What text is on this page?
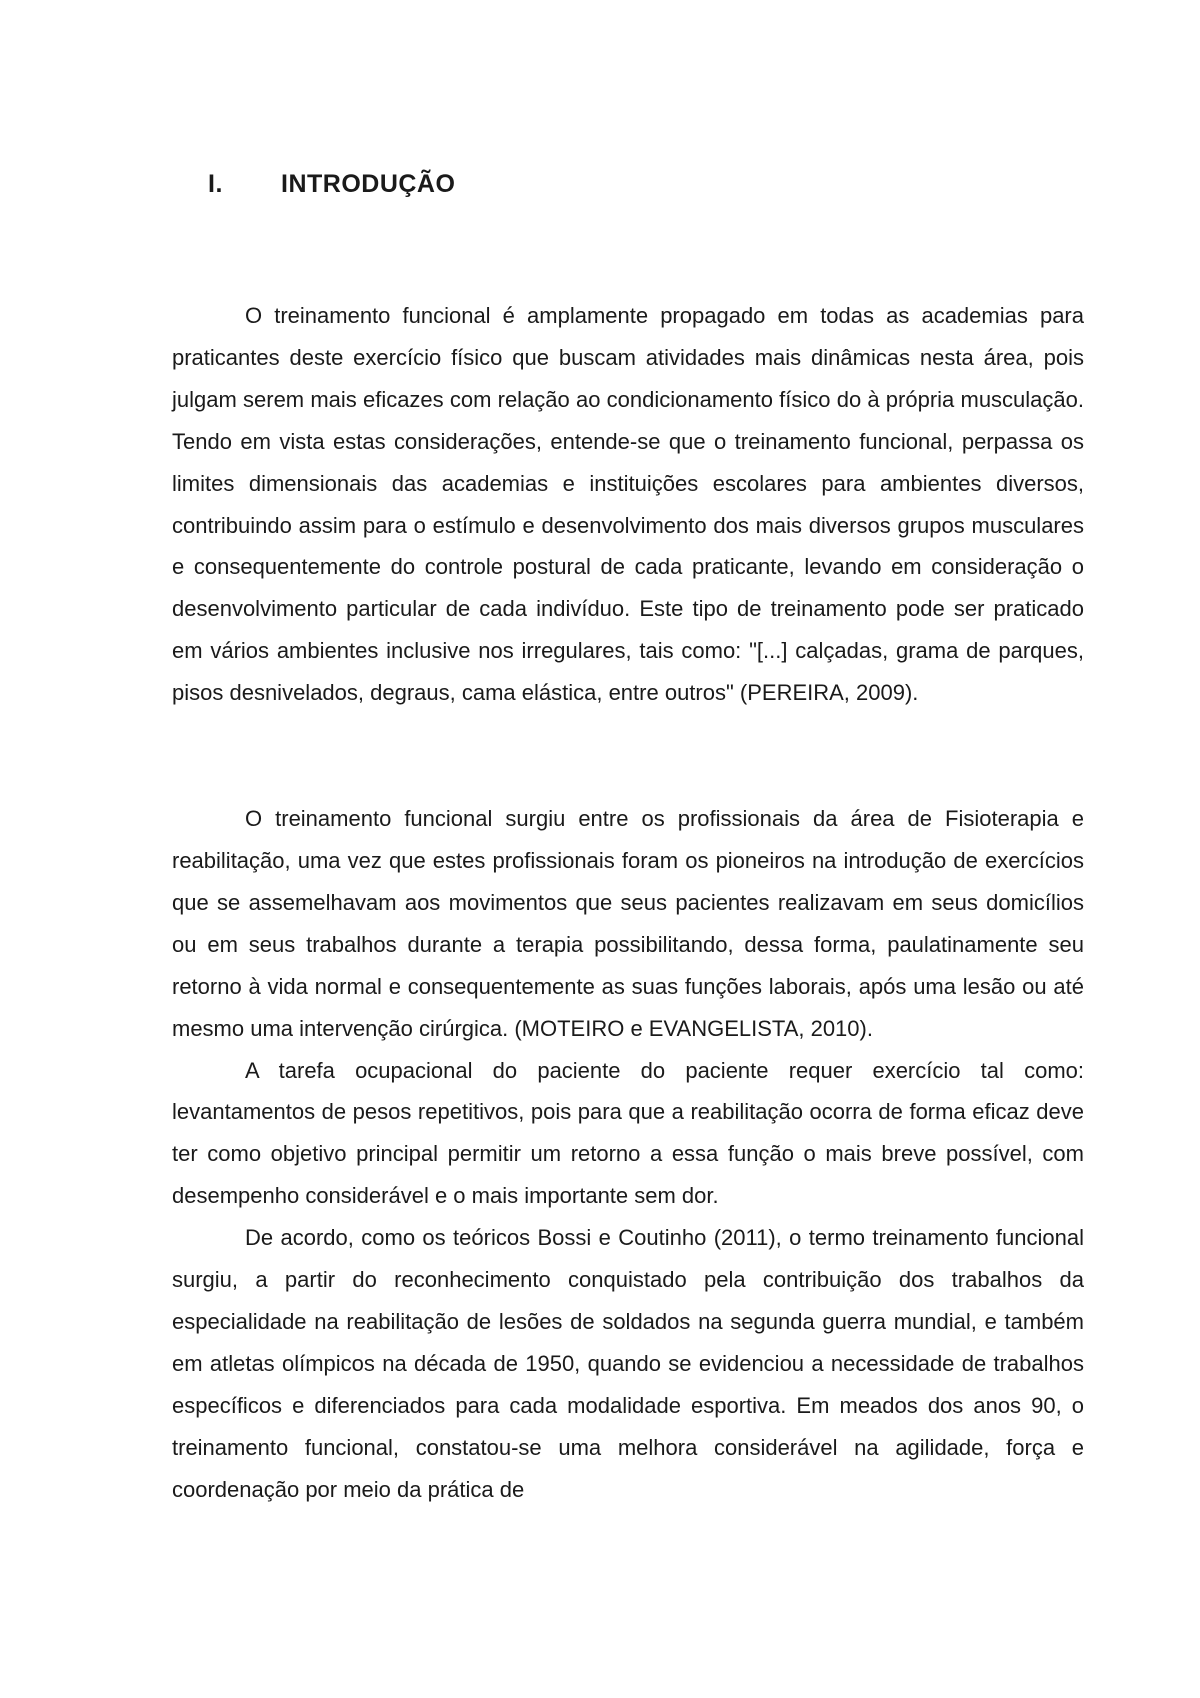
I. INTRODUÇÃO

O treinamento funcional é amplamente propagado em todas as academias para praticantes deste exercício físico que buscam atividades mais dinâmicas nesta área, pois julgam serem mais eficazes com relação ao condicionamento físico do à própria musculação. Tendo em vista estas considerações, entende-se que o treinamento funcional, perpassa os limites dimensionais das academias e instituições escolares para ambientes diversos, contribuindo assim para o estímulo e desenvolvimento dos mais diversos grupos musculares e consequentemente do controle postural de cada praticante, levando em consideração o desenvolvimento particular de cada indivíduo. Este tipo de treinamento pode ser praticado em vários ambientes inclusive nos irregulares, tais como: "[...] calçadas, grama de parques, pisos desnivelados, degraus, cama elástica, entre outros" (PEREIRA, 2009).

O treinamento funcional surgiu entre os profissionais da área de Fisioterapia e reabilitação, uma vez que estes profissionais foram os pioneiros na introdução de exercícios que se assemelhavam aos movimentos que seus pacientes realizavam em seus domicílios ou em seus trabalhos durante a terapia possibilitando, dessa forma, paulatinamente seu retorno à vida normal e consequentemente as suas funções laborais, após uma lesão ou até mesmo uma intervenção cirúrgica. (MOTEIRO e EVANGELISTA, 2010).

A tarefa ocupacional do paciente do paciente requer exercício tal como: levantamentos de pesos repetitivos, pois para que a reabilitação ocorra de forma eficaz deve ter como objetivo principal permitir um retorno a essa função o mais breve possível, com desempenho considerável e o mais importante sem dor.

De acordo, como os teóricos Bossi e Coutinho (2011), o termo treinamento funcional surgiu, a partir do reconhecimento conquistado pela contribuição dos trabalhos da especialidade na reabilitação de lesões de soldados na segunda guerra mundial, e também em atletas olímpicos na década de 1950, quando se evidenciou a necessidade de trabalhos específicos e diferenciados para cada modalidade esportiva. Em meados dos anos 90, o treinamento funcional, constatou-se uma melhora considerável na agilidade, força e coordenação por meio da prática de
